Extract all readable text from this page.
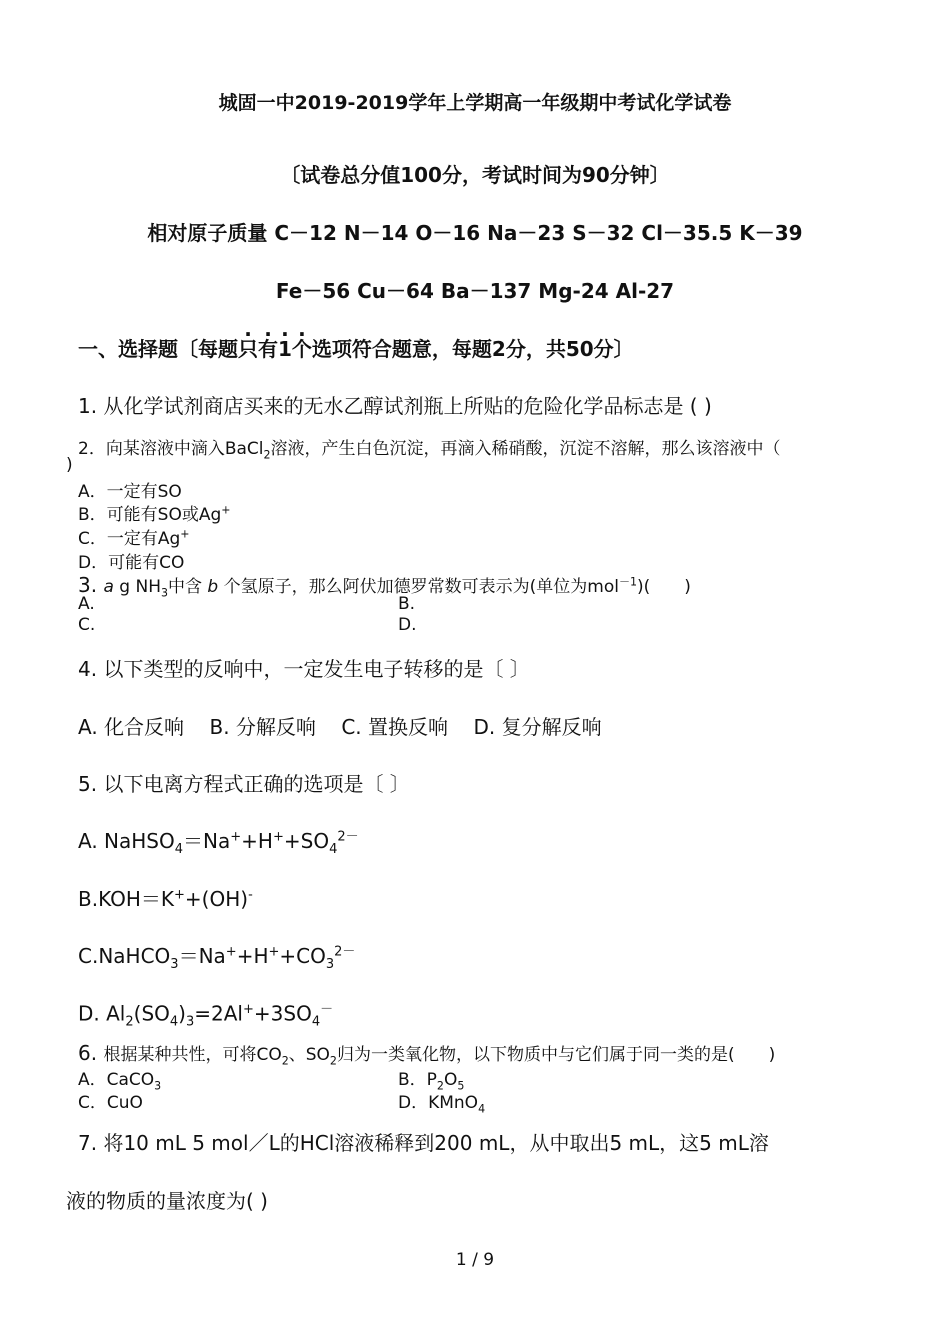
城固一中2019-2019学年上学期高一年级期中考试化学试卷
〔试卷总分值100分，考试时间为90分钟〕
相对原子质量 C－12 N－14 O－16 Na－23 S－32 Cl－35.5 K－39
Fe－56 Cu－64 Ba－137 Mg-24 Al-27
一、选择题〔每题只有1 ·个选项符合题意，每题2分，共50分〕
1. 从化学试剂商店买来的无水乙醇试剂瓶上所贴的危险化学品标志是 ( )
2．向某溶液中滴入BaCl$_2$溶液，产生白色沉淀，再滴入稀硝酸，沉淀不溶解，那么该溶液中（
)
A．一定有SO
B．可能有SO或Ag+
C．一定有Ag+
D．可能有CO
3. a g $NH_3$中含 b 个氢原子，那么阿伏加德罗常数可表示为(单位为mol$^{-1}$)(　　)
A.	B.
C.	D.
4. 以下类型的反响中，一定发生电子转移的是〔 〕
A. 化合反响    B. 分解反响    C. 置换反响    D. 复分解反响
5. 以下电离方程式正确的选项是〔 〕
A. $NaHSO_4=Na^++H^++SO_4^{2-}$
B.KOH＝K++(OH)-
$C.NaHCO_3=Na^++H^++CO_3^{2-}$
D. $Al_2(SO_4)_3=2Al^++3SO_4^-$
6. 根据某种共性，可将$CO_2$、$SO_2$归为一类氧化物，以下物质中与它们属于同一类的是(　　)
A．CaCO$_3$	B．$P_2O_5$
C．CuO	D．KMnO$_4$
7. 将10 mL 5 mol／L的HCl溶液稀释到200 mL，从中取出5 mL，这5 mL溶
液的物质的量浓度为( )
1 / 9
